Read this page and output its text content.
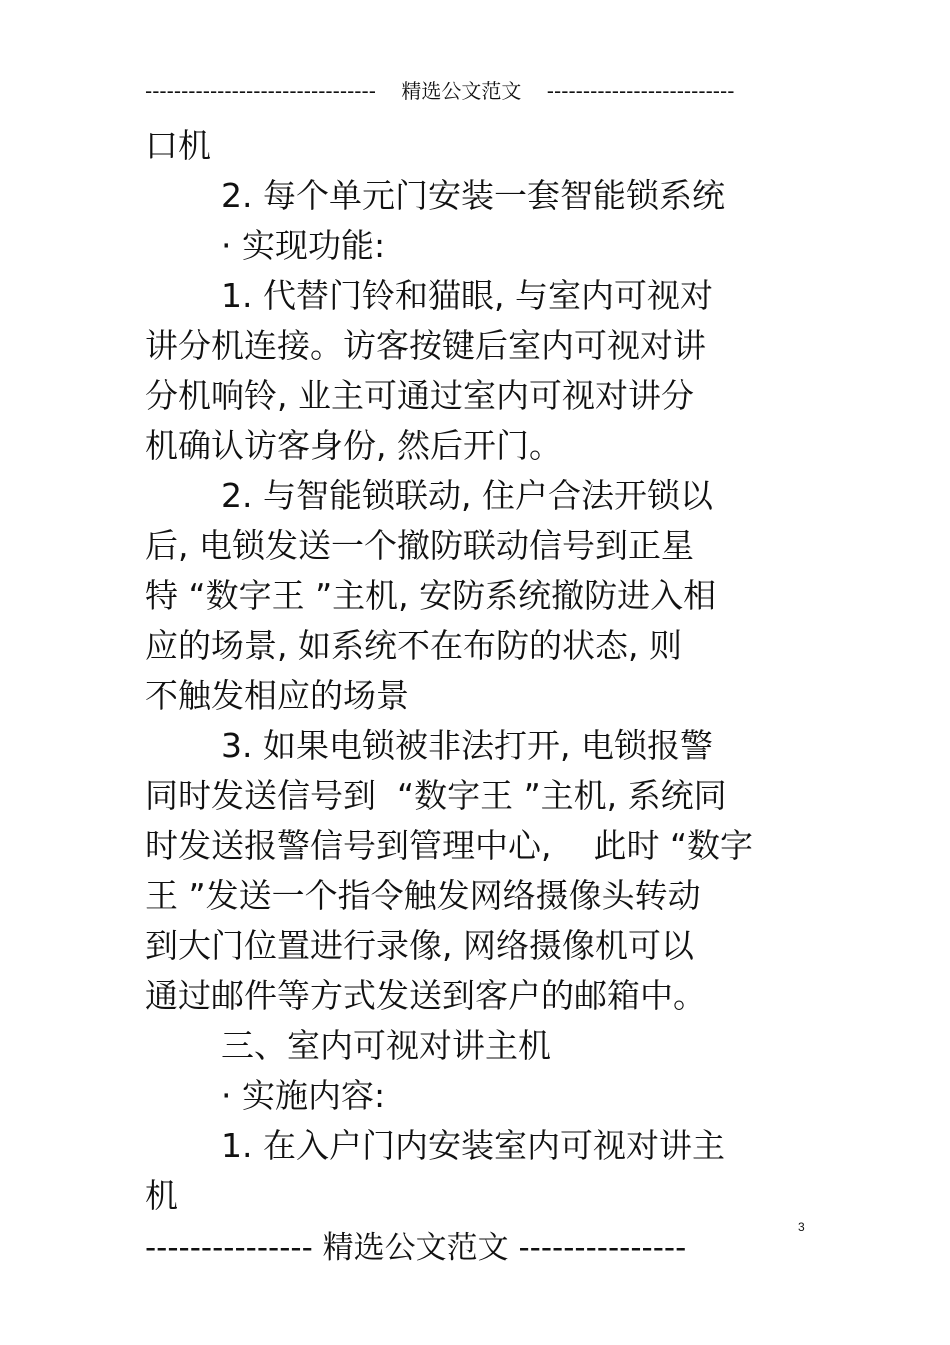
--------------------------------    精选公文范文    --------------------------
口机
2. 每个单元门安装一套智能锁系统
· 实现功能:
1. 代替门铃和猫眼, 与室内可视对
讲分机连接。访客按键后室内可视对讲
分机响铃, 业主可通过室内可视对讲分
机确认访客身份, 然后开门。
2. 与智能锁联动, 住户合法开锁以
后, 电锁发送一个撤防联动信号到正星
特 “数字王 ”主机, 安防系统撤防进入相
应的场景, 如系统不在布防的状态, 则
不触发相应的场景
3. 如果电锁被非法打开, 电锁报警
同时发送信号到  “数字王 ”主机, 系统同
时发送报警信号到管理中心,    此时 “数字
王 ”发送一个指令触发网络摄像头转动
到大门位置进行录像, 网络摄像机可以
通过邮件等方式发送到客户的邮箱中。
三、室内可视对讲主机
· 实施内容:
1. 在入户门内安装室内可视对讲主
机
3
--------------- 精选公文范文 ---------------
